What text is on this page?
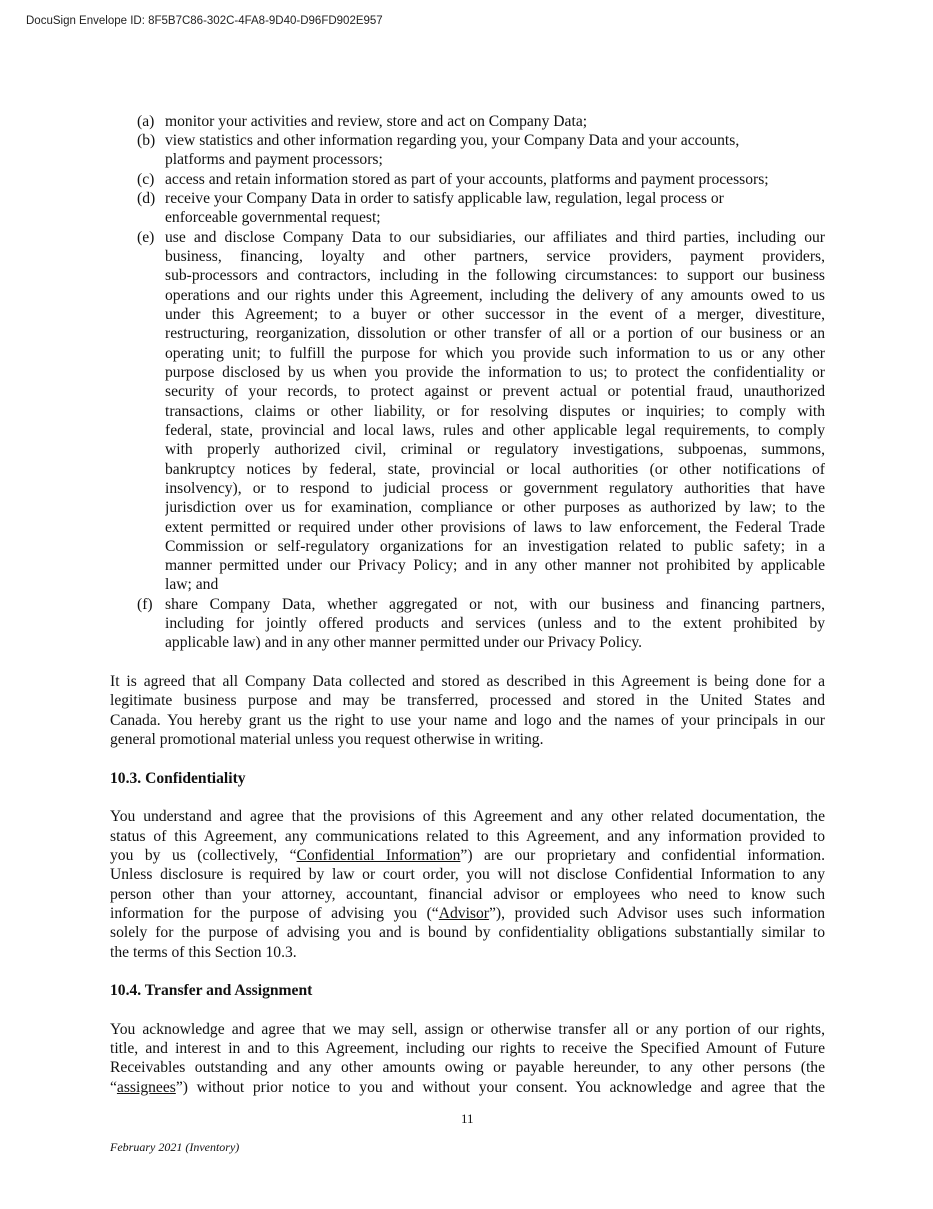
DocuSign Envelope ID: 8F5B7C86-302C-4FA8-9D40-D96FD902E957
(a) monitor your activities and review, store and act on Company Data;
(b) view statistics and other information regarding you, your Company Data and your accounts,
platforms and payment processors;
(c) access and retain information stored as part of your accounts, platforms and payment processors;
(d) receive your Company Data in order to satisfy applicable law, regulation, legal process or
enforceable governmental request;
(e) use and disclose Company Data to our subsidiaries, our affiliates and third parties, including our
business, financing, loyalty and other partners, service providers, payment providers,
sub-processors and contractors, including in the following circumstances: to support our business
operations and our rights under this Agreement, including the delivery of any amounts owed to us
under this Agreement; to a buyer or other successor in the event of a merger, divestiture,
restructuring, reorganization, dissolution or other transfer of all or a portion of our business or an
operating unit; to fulfill the purpose for which you provide such information to us or any other
purpose disclosed by us when you provide the information to us; to protect the confidentiality or
security of your records, to protect against or prevent actual or potential fraud, unauthorized
transactions, claims or other liability, or for resolving disputes or inquiries; to comply with
federal, state, provincial and local laws, rules and other applicable legal requirements, to comply
with properly authorized civil, criminal or regulatory investigations, subpoenas, summons,
bankruptcy notices by federal, state, provincial or local authorities (or other notifications of
insolvency), or to respond to judicial process or government regulatory authorities that have
jurisdiction over us for examination, compliance or other purposes as authorized by law; to the
extent permitted or required under other provisions of laws to law enforcement, the Federal Trade
Commission or self-regulatory organizations for an investigation related to public safety; in a
manner permitted under our Privacy Policy; and in any other manner not prohibited by applicable
law; and
(f) share Company Data, whether aggregated or not, with our business and financing partners,
including for jointly offered products and services (unless and to the extent prohibited by
applicable law) and in any other manner permitted under our Privacy Policy.
It is agreed that all Company Data collected and stored as described in this Agreement is being done for a
legitimate business purpose and may be transferred, processed and stored in the United States and
Canada. You hereby grant us the right to use your name and logo and the names of your principals in our
general promotional material unless you request otherwise in writing.
10.3. Confidentiality
You understand and agree that the provisions of this Agreement and any other related documentation, the
status of this Agreement, any communications related to this Agreement, and any information provided to
you by us (collectively, “Confidential Information”) are our proprietary and confidential information.
Unless disclosure is required by law or court order, you will not disclose Confidential Information to any
person other than your attorney, accountant, financial advisor or employees who need to know such
information for the purpose of advising you (“Advisor”), provided such Advisor uses such information
solely for the purpose of advising you and is bound by confidentiality obligations substantially similar to
the terms of this Section 10.3.
10.4. Transfer and Assignment
You acknowledge and agree that we may sell, assign or otherwise transfer all or any portion of our rights,
title, and interest in and to this Agreement, including our rights to receive the Specified Amount of Future
Receivables outstanding and any other amounts owing or payable hereunder, to any other persons (the
“assignees”) without prior notice to you and without your consent. You acknowledge and agree that the
11
February 2021 (Inventory)
